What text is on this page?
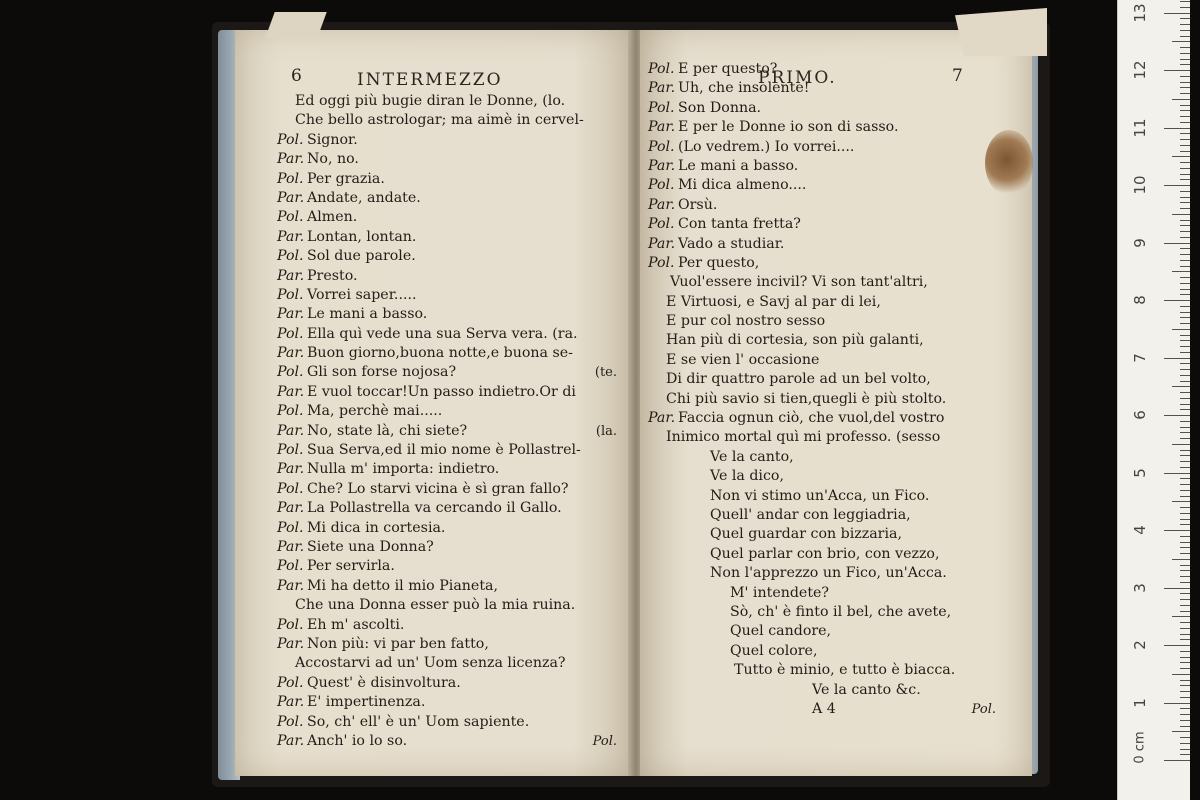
6	INTERMEZZO
Ed oggi più bugie diran le Donne, (lo.
Che bello astrologar; ma aimè in cervel-
Pol. Signor.
Par. No, no.
Pol. Per grazia.
Par. Andate, andate.
Pol. Almen.
Par. Lontan, lontan.
Pol. Sol due parole.
Par. Presto.
Pol. Vorrei saper.....
Par. Le mani a basso.
Pol. Ella quì vede una sua Serva vera. (ra.
Par. Buon giorno,buona notte,e buona se-
Pol. Gli son forse nojosa?	(te.
Par. E vuol toccar!Un passo indietro.Or di
Pol. Ma, perchè mai.....
Par. No, state là, chi siete?	(la.
Pol. Sua Serva,ed il mio nome è Pollastrel-
Par. Nulla m' importa: indietro.
Pol. Che? Lo starvi vicina è sì gran fallo?
Par. La Pollastrella va cercando il Gallo.
Pol. Mi dica in cortesia.
Par. Siete una Donna?
Pol. Per servirla.
Par. Mi ha detto il mio Pianeta,
Che una Donna esser può la mia ruina.
Pol. Eh m' ascolti.
Par. Non più: vi par ben fatto,
Accostarvi ad un' Uom senza licenza?
Pol. Quest' è disinvoltura.
Par. E' impertinenza.
Pol. So, ch' ell' è un' Uom sapiente.
Par. Anch' io lo so.	Pol.
PRIMO.	7
Pol. E per questo?
Par. Uh, che insolente!
Pol. Son Donna.
Par. E per le Donne io son di sasso.
Pol. (Lo vedrem.) Io vorrei....
Par. Le mani a basso.
Pol. Mi dica almeno....
Par. Orsù.
Pol. Con tanta fretta?
Par. Vado a studiar.
Pol. Per questo,
Vuol'essere incivil? Vi son tant'altri,
E Virtuosi, e Savj al par di lei,
E pur col nostro sesso
Han più di cortesia, son più galanti,
E se vien l' occasione
Di dir quattro parole ad un bel volto,
Chi più savio si tien,quegli è più stolto.
Par. Faccia ognun ciò, che vuol,del vostro
Inimico mortal quì mi professo. (sesso
Ve la canto,
Ve la dico,
Non vi stimo un'Acca, un Fico.
Quell' andar con leggiadria,
Quel guardar con bizzaria,
Quel parlar con brio, con vezzo,
Non l'apprezzo un Fico, un'Acca.
M' intendete?
Sò, ch' è finto il bel, che avete,
Quel candore,
Quel colore,
Tutto è minio, e tutto è biacca.
Ve la canto &c.
A 4	Pol.
0 cm
1
2
3
4
5
6
7
8
9
10
11
12
13
